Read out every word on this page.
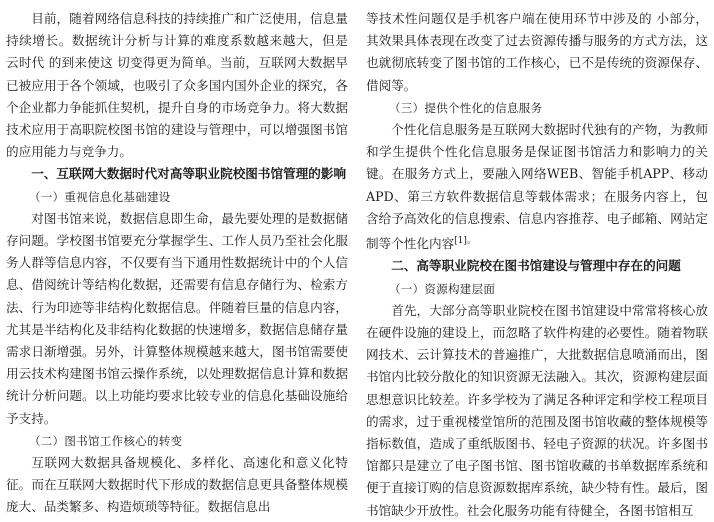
目前，随着网络信息科技的持续推广和广泛使用，信息量持续增长。数据统计分析与计算的难度系数越来越大，但是 云时代 的到来使这 切变得更为简单。当前，互联网大数据早已被应用于各个领域，也吸引了众多国内国外企业的探究，各个企业都力争能抓住契机，提升自身的市场竞争力。将大数据技术应用于高职院校图书馆的建设与管理中，可以增强图书馆的应用能力与竞争力。

一、互联网大数据时代对高等职业院校图书馆管理的影响

（一）重视信息化基础建设

对图书馆来说，数据信息即生命，最先要处理的是数据储存问题。学校图书馆要充分掌握学生、工作人员乃至社会化服务人群等信息内容，不仅要有当下通用性数据统计中的个人信息、借阅统计等结构化数据，还需要有信息存储行为、检索方法、行为印迹等非结构化数据信息。伴随着巨量的信息内容，尤其是半结构化及非结构化数据的快速增多，数据信息储存量需求日渐增强。另外，计算整体规模越来越大，图书馆需要使用云技术构建图书馆云操作系统，以处理数据信息计算和数据统计分析问题。以上功能均要求比较专业的信息化基础设施给予支持。

（二）图书馆工作核心的转变

互联网大数据具备规模化、多样化、高速化和意义化特征。而在互联网大数据时代下形成的数据信息更具备整体规模庞大、品类繁多、构造烦琐等特征。数据信息出

等技术性问题仅是手机客户端在使用环节中涉及的 小部分，其效果具体表现在改变了过去资源传播与服务的方式方法，这也就彻底转变了图书馆的工作核心，已不是传统的资源保存、借阅等。

（三）提供个性化的信息服务

个性化信息服务是互联网大数据时代独有的产物，为教师和学生提供个性化信息服务是保证图书馆活力和影响力的关键。在服务方式上，要融入网络WEB、智能手机APP、移动APD、第三方软件数据信息等载体需求；在服务内容上，包含给予高效化的信息搜索、信息内容推荐、电子邮箱、网站定制等个性化内容$^{[1]。}$

二、高等职业院校在图书馆建设与管理中存在的问题

（一）资源构建层面

首先，大部分高等职业院校在图书馆建设中常常将核心放在硬件设施的建设上，而忽略了软件构建的必要性。随着物联网技术、云计算技术的普遍推广，大批数据信息喷涌而出，图书馆内比较分散化的知识资源无法融入。其次，资源构建层面思想意识比较差。许多学校为了满足各种评定和学校工程项目的需求，过于重视楼堂馆所的范围及图书馆收藏的整体规模等指标数值，造成了重纸版图书、轻电子资源的状况。许多图书馆都只是建立了电子图书馆、图书馆收藏的书单数据库系统和便于直接订购的信息资源数据库系统，缺少特有性。最后，图书馆缺少开放性。社会化服务功能有待健全，各图书馆相互
